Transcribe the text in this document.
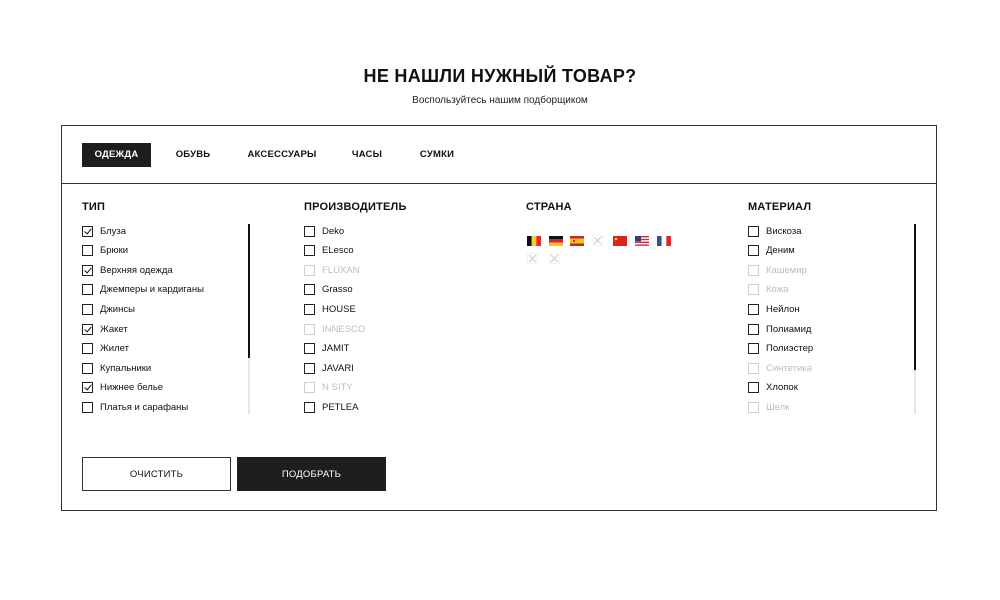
НЕ НАШЛИ НУЖНЫЙ ТОВАР?
Воспользуйтесь нашим подборщиком
ОДЕЖДА	ОБУВЬ	АКСЕССУАРЫ	ЧАСЫ	СУМКИ
ТИП
Блуза
Брюки
Верхняя одежда
Джемперы и кардиганы
Джинсы
Жакет
Жилет
Купальники
Нижнее белье
Платья и сарафаны
ПРОИЗВОДИТЕЛЬ
Deko
ELesco
FLUXAN
Grasso
HOUSE
INNESCO
JAMIT
JAVARI
N SITY
PETLEA
СТРАНА	МАТЕРИАЛ
Вискоза
Деним
Кашемир
Кожа
Нейлон
Полиамид
Полиэстер
Синтетика
Хлопок
Шелк
ОЧИСТИТЬ	ПОДОБРАТЬ
